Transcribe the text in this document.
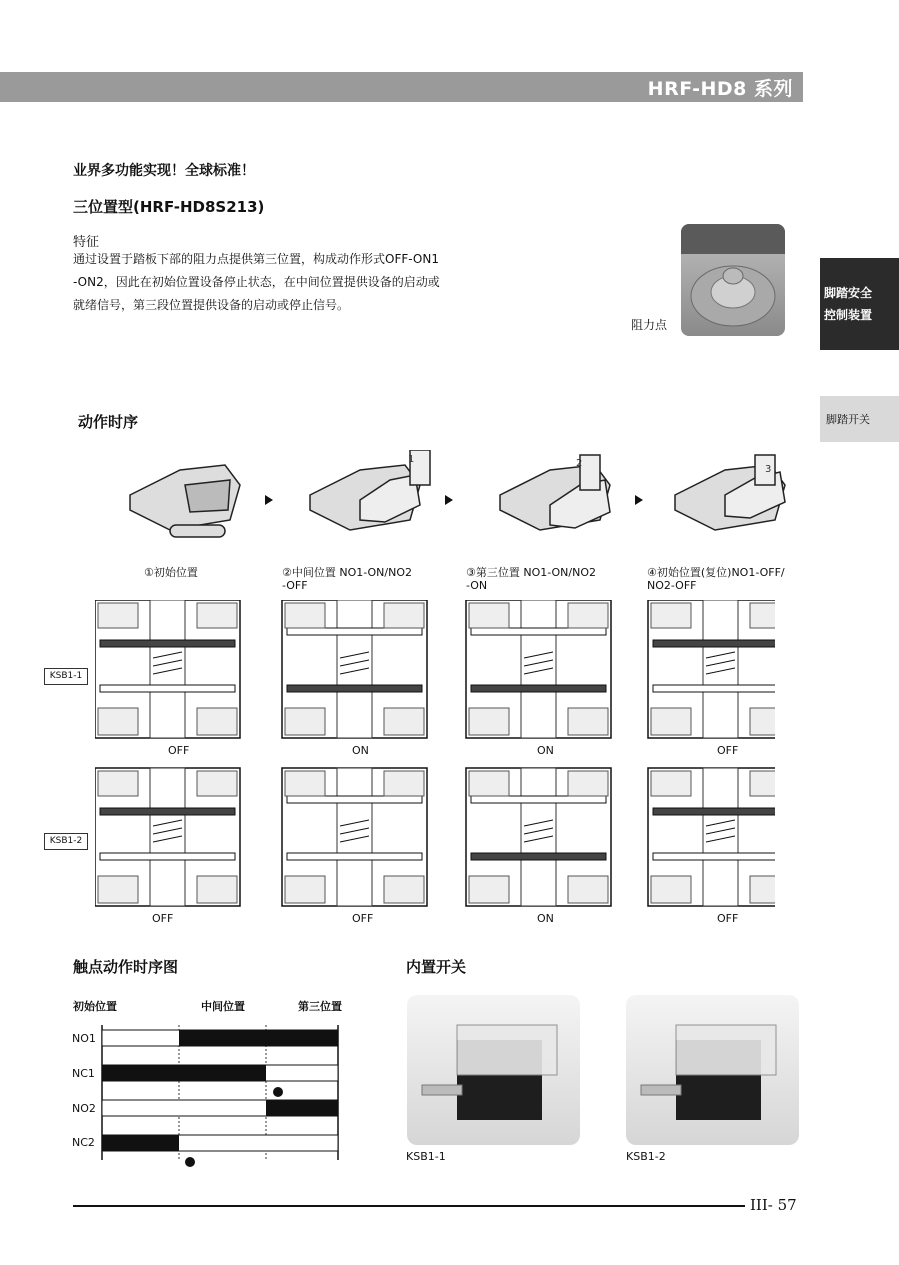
HRF-HD8 系列
业界多功能实现！全球标准！
三位置型(HRF-HD8S213)
特征
通过设置于踏板下部的阻力点提供第三位置，构成动作形式OFF-ON1
-ON2，因此在初始位置设备停止状态，在中间位置提供设备的启动或
就绪信号，第三段位置提供设备的启动或停止信号。
阻力点
脚踏安全
控制装置
脚踏开关
动作时序
1	2
3
①初始位置	②中间位置 NO1-ON/NO2
-OFF
③第三位置 NO1-ON/NO2
-ON
④初始位置(复位)NO1-OFF/
NO2-OFF
KSB1-1
KSB1-2
OFF	ON	ON	OFF
OFF	OFF	ON	OFF
触点动作时序图
初始位置	中间位置	第三位置
NO1
NC1
NO2
NC2
内置开关
KSB1-1	KSB1-2
III- 57
